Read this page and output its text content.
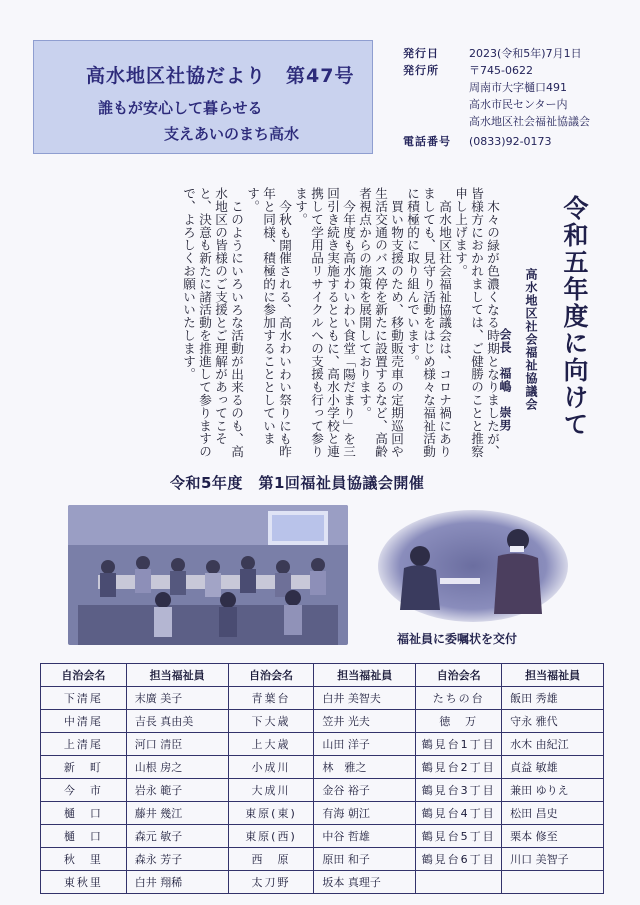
高水地区社協だより　第47号
誰もが安心して暮らせる
支えあいのまち高水
発行日	2023(令和5年)7月1日
発行所	〒745-0622
周南市大字樋口491
高水市民センター内
高水地区社会福祉協議会
電話番号 (0833)92-0173
令和五年度に向けて
高水地区社会福祉協議会
会長　福嶋　崇男

木々の緑が色濃くなる時期となりましたが、皆様方におかれましては、ご健勝のことと推察申し上げます。

高水地区社会福祉協議会は、コロナ禍にありましても、見守り活動をはじめ様々な福祉活動に積極的に取り組んでいます。

買い物支援のため、移動販売車の定期巡回や生活交通のバス停を新たに設置するなど、高齢者視点からの施策を展開しております。

今年度も高水わいわい食堂「陽だまり」を三回引き続き実施するとともに、高水小学校と連携して学用品リサイクルへの支援も行って参ります。

今秋も開催される、高水わいわい祭りにも昨年と同様、積極的に参加することとしています。

このようにいろいろな活動が出来るのも、高水地区の皆様のご支援とご理解があってこそと、決意も新たに諸活動を推進して参りますので、よろしくお願いいたします。

令和5年度　第1回福祉員協議会開催
福祉員に委嘱状を交付
自治会名	担当福祉員	自治会名	担当福祉員	自治会名	担当福祉員
下清尾	末廣 美子	青葉台	白井 美智夫	たちの台	飯田 秀雄
中清尾	吉長 真由美	下大歳	笠井 光夫	徳　万	守永 雅代
上清尾	河口 清臣	上大歳	山田 洋子	鶴見台1丁目	水木 由紀江
新　町	山根 房之	小成川	林　雅之	鶴見台2丁目	貞益 敏雄
今　市	岩永 範子	大成川	金谷 裕子	鶴見台3丁目	兼田 ゆりえ
樋　口	藤井 幾江	東原(東)	有海 朝江	鶴見台4丁目	松田 昌史
樋　口	森元 敏子	東原(西)	中谷 哲雄	鶴見台5丁目	栗本 修至
秋　里	森永 芳子	西　原	原田 和子	鶴見台6丁目	川口 美智子
東秋里	白井 翔稀	太刀野	坂本 真理子		
